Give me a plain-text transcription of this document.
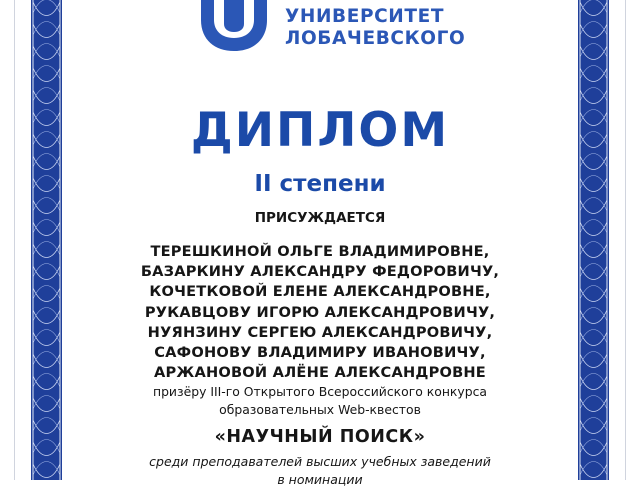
УНИВЕРСИТЕТ
ЛОБАЧЕВСКОГО
ДИПЛОМ
II степени
ПРИСУЖДАЕТСЯ
ТЕРЕШКИНОЙ ОЛЬГЕ ВЛАДИМИРОВНЕ,
БАЗАРКИНУ АЛЕКСАНДРУ ФЕДОРОВИЧУ,
КОЧЕТКОВОЙ ЕЛЕНЕ АЛЕКСАНДРОВНЕ,
РУКАВЦОВУ ИГОРЮ АЛЕКСАНДРОВИЧУ,
НУЯНЗИНУ СЕРГЕЮ АЛЕКСАНДРОВИЧУ,
САФОНОВУ ВЛАДИМИРУ ИВАНОВИЧУ,
АРЖАНОВОЙ АЛЁНЕ АЛЕКСАНДРОВНЕ
призёру III-го Открытого Всероссийского конкурса
образовательных Web-квестов
«НАУЧНЫЙ ПОИСК»
среди преподавателей высших учебных заведений
в номинации
